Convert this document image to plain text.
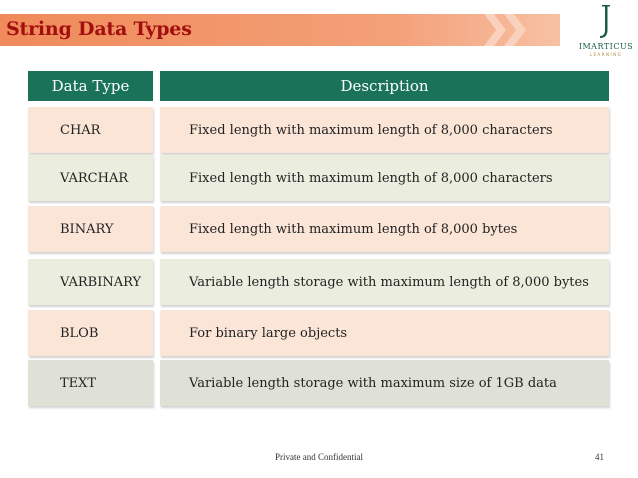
String Data Types
IMARTICUS
LEARNING
Data Type	Description
CHAR	Fixed length with maximum length of 8,000 characters
VARCHAR	Fixed length with maximum length of 8,000 characters
BINARY	Fixed length with maximum length of 8,000 bytes
VARBINARY	Variable length storage with maximum length of 8,000 bytes
BLOB	For binary large objects
TEXT	Variable length storage with maximum size of 1GB data
Private and Confidential	41
